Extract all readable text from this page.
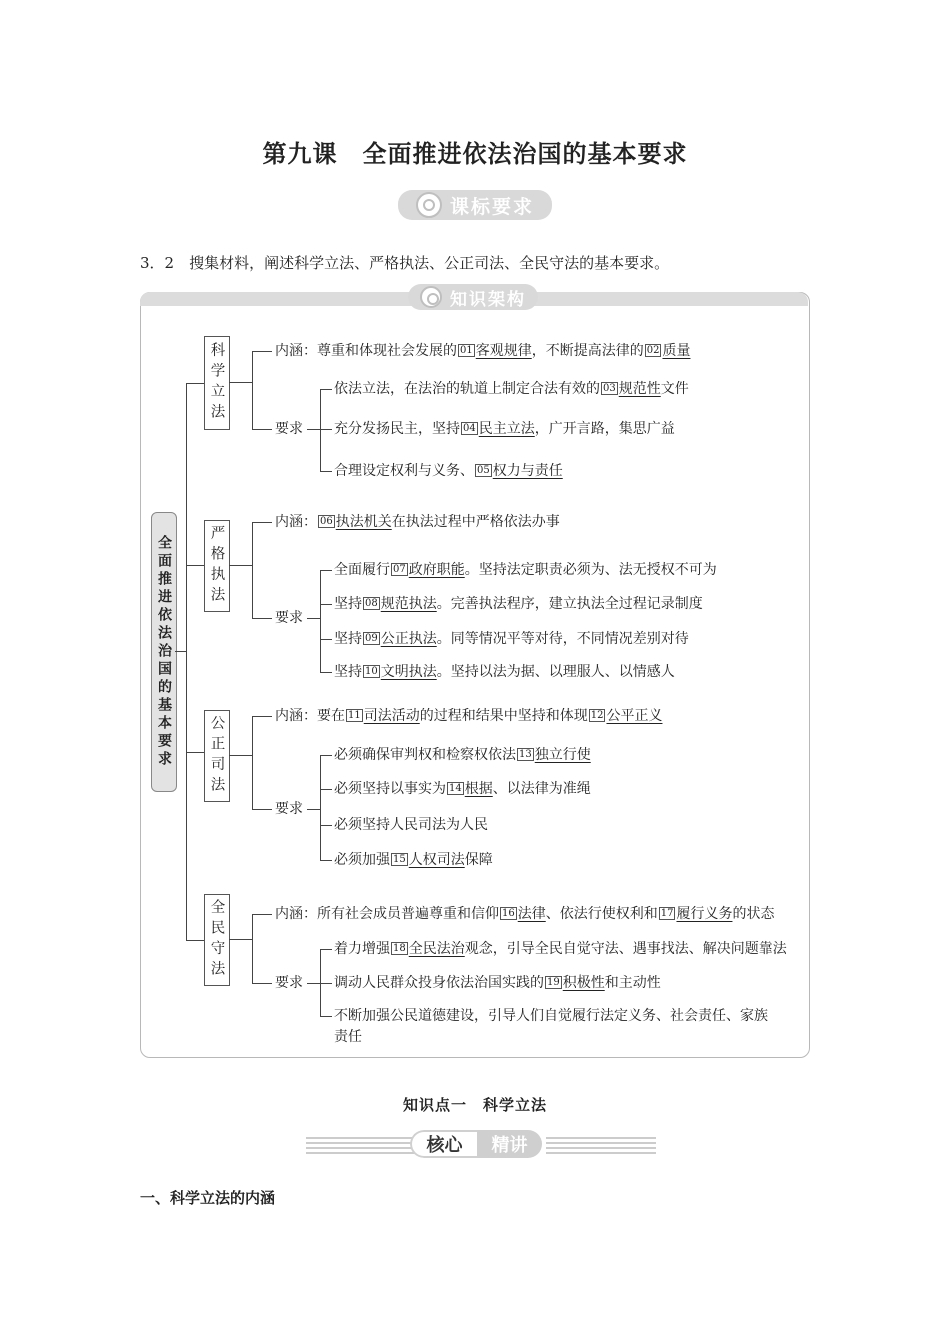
第九课　全面推进依法治国的基本要求
课标要求
3．2　搜集材料，阐述科学立法、严格执法、公正司法、全民守法的基本要求。
知识架构
全面推进依法治国的基本要求
科学立法	内涵：尊重和体现社会发展的 01 客观规律，不断提高法律的 02 质量
要求
依法立法，在法治的轨道上制定合法有效的 03 规范性文件
充分发扬民主，坚持 04 民主立法，广开言路，集思广益
合理设定权利与义务、 05 权力与责任
严格执法
内涵： 06 执法机关在执法过程中严格依法办事
要求
全面履行 07 政府职能。坚持法定职责必须为、法无授权不可为
坚持 08 规范执法。完善执法程序，建立执法全过程记录制度
坚持 09 公正执法。同等情况平等对待，不同情况差别对待
坚持 10 文明执法。坚持以法为据、以理服人、以情感人
公正司法	内涵：要在 11 司法活动的过程和结果中坚持和体现 12 公平正义
要求
必须确保审判权和检察权依法 13 独立行使
必须坚持以事实为 14 根据、以法律为准绳
必须坚持人民司法为人民
必须加强 15 人权司法保障
全民守法	内涵：所有社会成员普遍尊重和信仰 16 法律、依法行使权利和 17 履行义务的状态
要求
着力增强 18 全民法治观念，引导全民自觉守法、遇事找法、解决问题靠法
调动人民群众投身依法治国实践的 19 积极性和主动性
不断加强公民道德建设，引导人们自觉履行法定义务、社会责任、家族
责任
知识点一　科学立法
核心	精讲
一、科学立法的内涵
